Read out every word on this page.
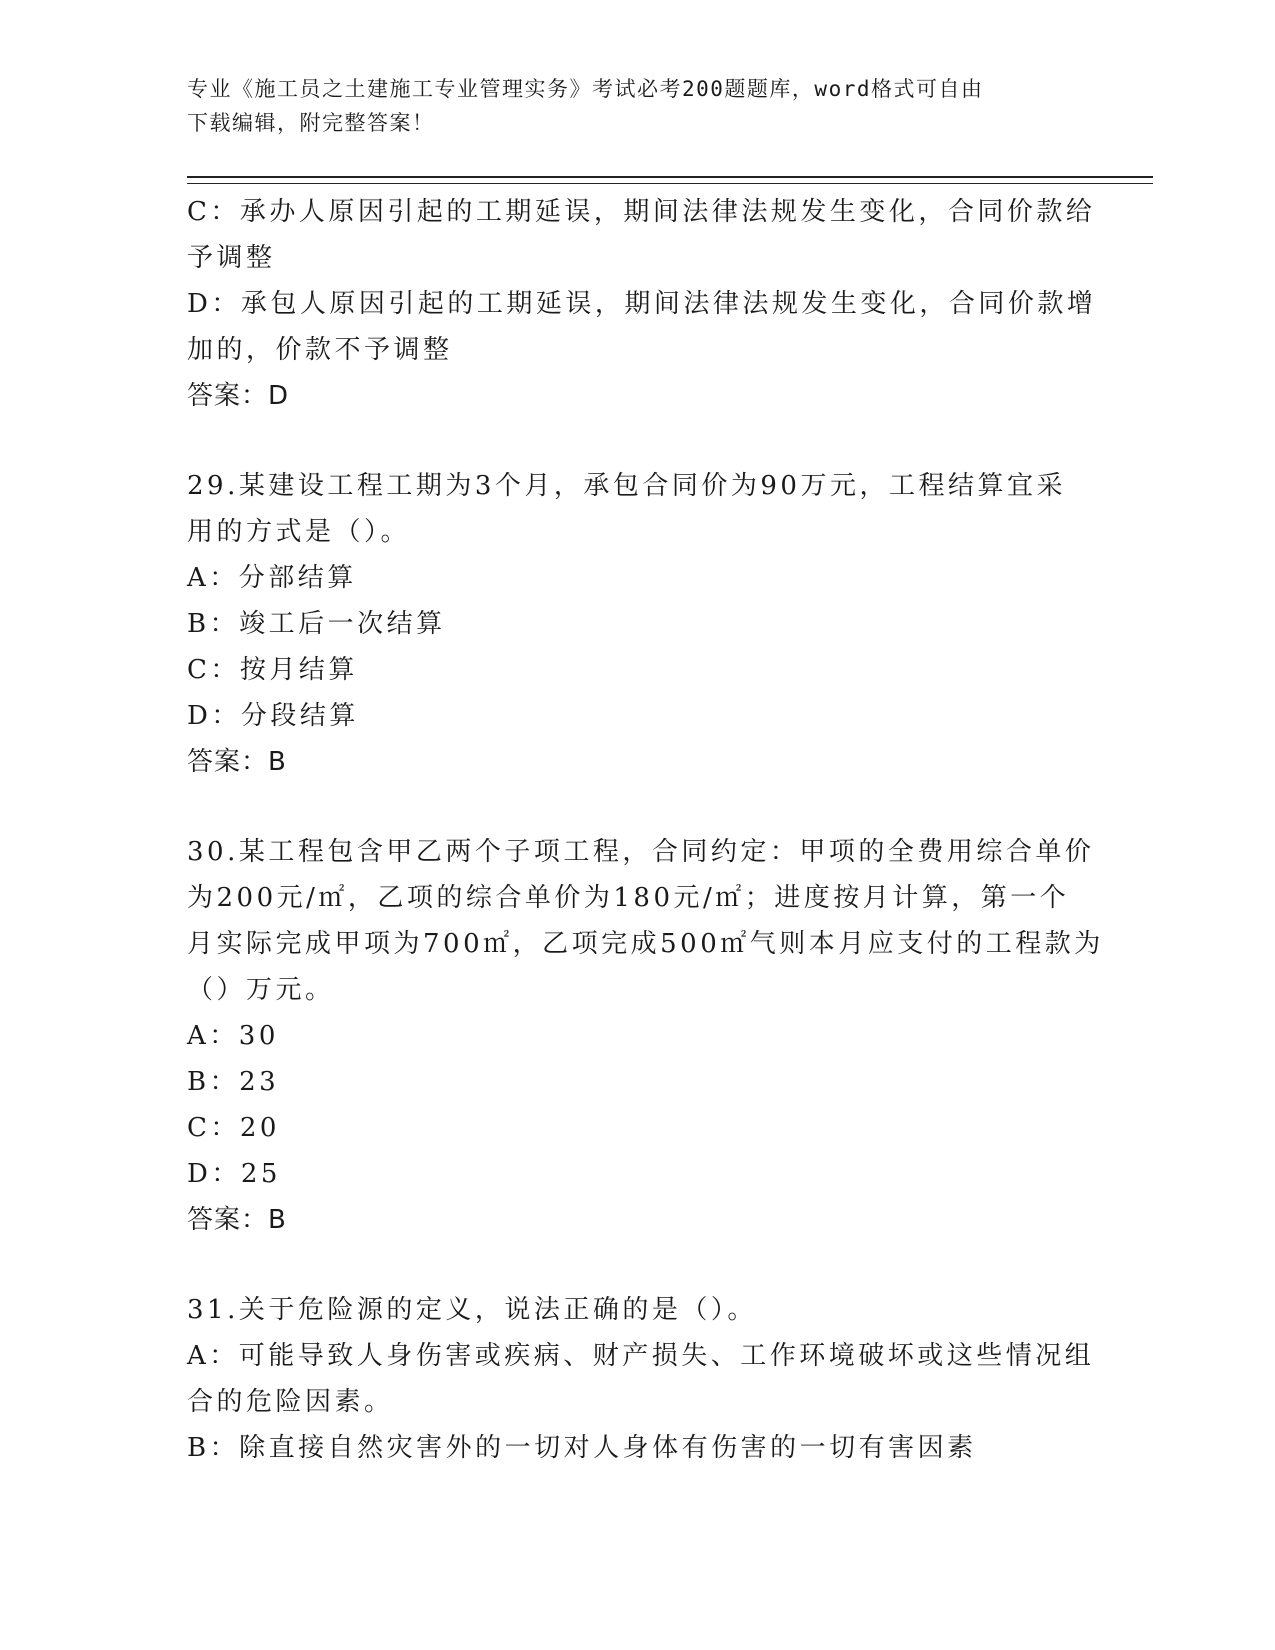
专业《施工员之土建施工专业管理实务》考试必考200题题库，word格式可自由
下载编辑，附完整答案！
C：承办人原因引起的工期延误，期间法律法规发生变化，合同价款给
予调整
D：承包人原因引起的工期延误，期间法律法规发生变化，合同价款增
加的，价款不予调整
答案：D
29.某建设工程工期为3个月，承包合同价为90万元，工程结算宜采
用的方式是（）。
A：分部结算
B：竣工后一次结算
C：按月结算
D：分段结算
答案：B
30.某工程包含甲乙两个子项工程，合同约定：甲项的全费用综合单价
为200元/㎡，乙项的综合单价为180元/㎡；进度按月计算，第一个
月实际完成甲项为700㎡，乙项完成500㎡气则本月应支付的工程款为
（）万元。
A：30
B：23
C：20
D：25
答案：B
31.关于危险源的定义，说法正确的是（）。
A：可能导致人身伤害或疾病、财产损失、工作环境破坏或这些情况组
合的危险因素。
B：除直接自然灾害外的一切对人身体有伤害的一切有害因素
